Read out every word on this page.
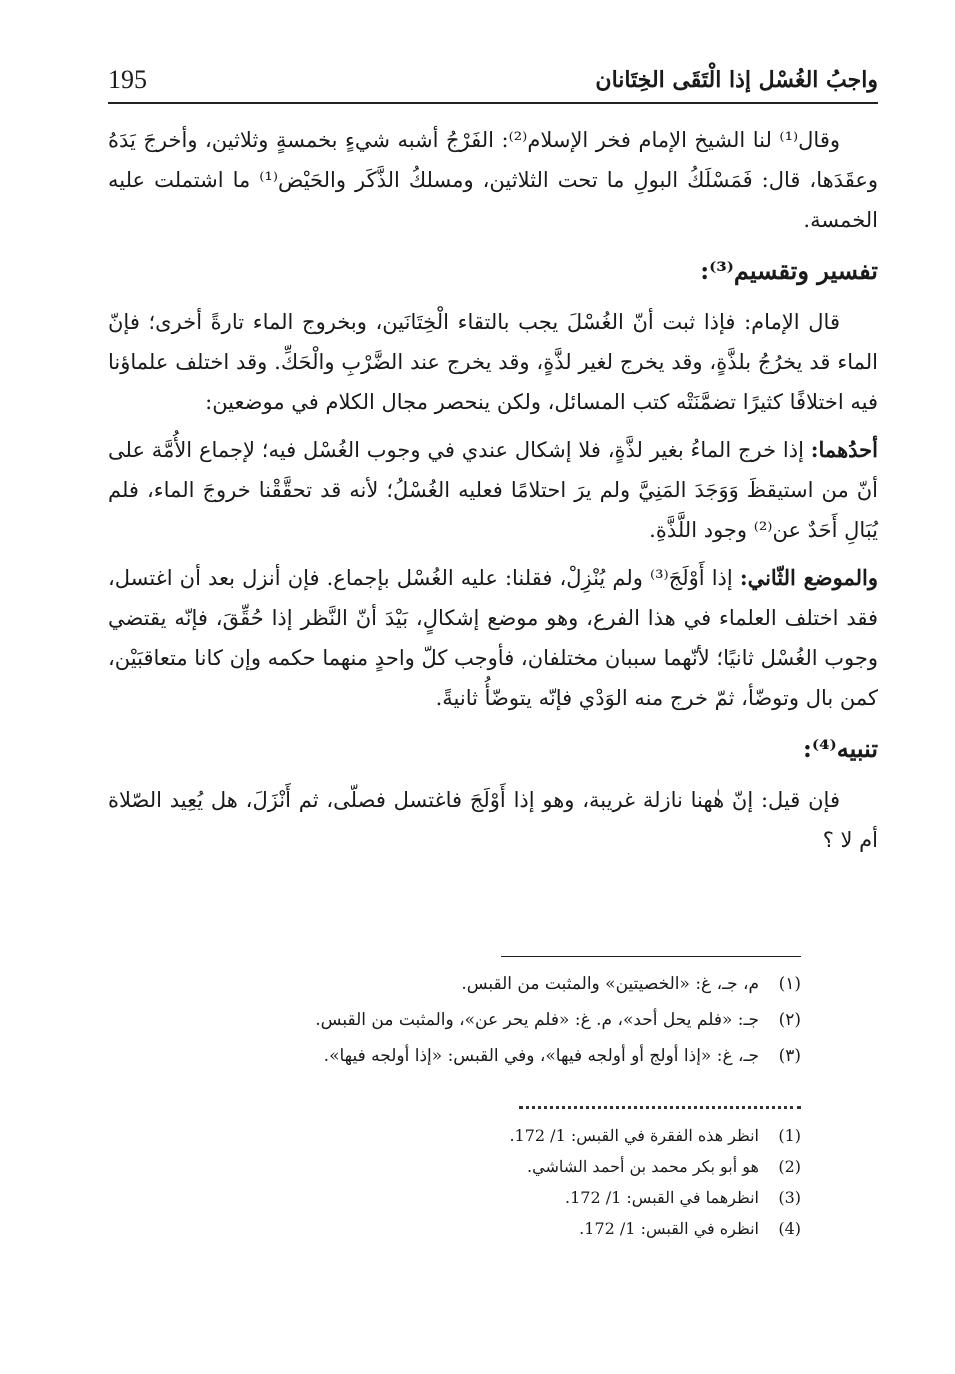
195	واجبُ الغُسْل إذا الْتَقَى الخِتَانان

وقال⁽¹⁾ لنا الشيخ الإمام فخر الإسلام⁽²⁾: الفَرْجُ أشبه شيءٍ بخمسةٍ وثلاثين، وأخرجَ يَدَهُ وعقَدَها، قال: فَمَسْلَكُ البولِ ما تحت الثلاثين، ومسلكُ الذَّكَر والحَيْض⁽¹⁾ ما اشتملت عليه الخمسة.

تفسير وتقسيم⁽³⁾:

قال الإمام: فإذا ثبت أنّ الغُسْلَ يجب بالتقاء الْخِتَانَين، وبخروج الماء تارةً أخرى؛ فإنّ الماء قد يخرُجُ بلذَّةٍ، وقد يخرج لغير لذَّةٍ، وقد يخرج عند الضَّرْبِ والْحَكِّ. وقد اختلف علماؤنا فيه اختلافًا كثيرًا تضمَّنَتْه كتب المسائل، ولكن ينحصر مجال الكلام في موضعين:

أحدُهما: إذا خرج الماءُ بغير لذَّةٍ، فلا إشكال عندي في وجوب الغُسْل فيه؛ لإجماع الأُمَّة على أنّ من استيقظَ وَوَجَدَ المَنِيَّ ولم يرَ احتلامًا فعليه الغُسْلُ؛ لأنه قد تحقَّقْنا خروجَ الماء، فلم يُبَالِ أَحَدٌ عن⁽²⁾ وجود اللَّذَّةِ.

والموضع الثّاني: إذا أَوْلَجَ⁽³⁾ ولم يُنْزِلْ، فقلنا: عليه الغُسْل بإجماع. فإن أنزل بعد أن اغتسل، فقد اختلف العلماء في هذا الفرع، وهو موضع إشكالٍ، بَيْدَ أنّ النَّظر إذا حُقِّقَ، فإنّه يقتضي وجوب الغُسْل ثانيًا؛ لأنّهما سببان مختلفان، فأوجب كلّ واحدٍ منهما حكمه وإن كانا متعاقبَيْن، كمن بال وتوضّأ، ثمّ خرج منه الوَدْي فإنّه يتوضّأُ ثانيةً.

تنبيه⁽⁴⁾:

فإن قيل: إنّ هٰهنا نازلة غريبة، وهو إذا أَوْلَجَ فاغتسل فصلّى، ثم أَنْزَلَ، هل يُعِيد الصّلاة أم لا ؟

(١)
م، جـ، غ: «الخصيتين» والمثبت من القبس.
(٢)
جـ: «فلم يحل أحد»، م. غ: «فلم يحر عن»، والمثبت من القبس.
(٣)
جـ، غ: «إذا أولج أو أولجه فيها»، وفي القبس: «إذا أولجه فيها».
(1)
انظر هذه الفقرة في القبس: 1/ 172.
(2)
هو أبو بكر محمد بن أحمد الشاشي.
(3)
انظرهما في القبس: 1/ 172.
(4)
انظره في القبس: 1/ 172.
